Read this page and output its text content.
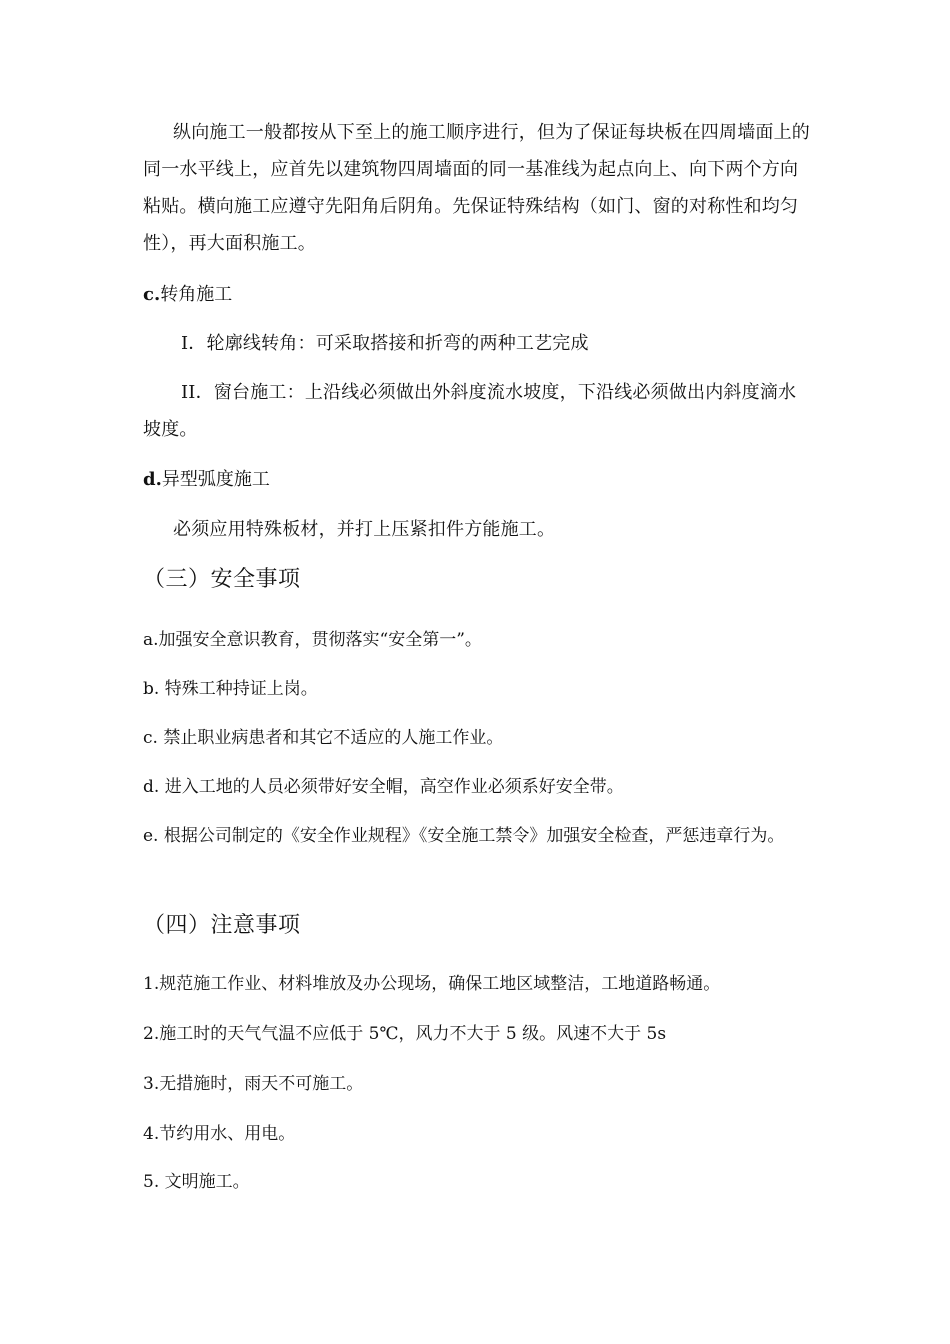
纵向施工一般都按从下至上的施工顺序进行，但为了保证每块板在四周墙面上的同一水平线上，应首先以建筑物四周墙面的同一基准线为起点向上、向下两个方向粘贴。横向施工应遵守先阳角后阴角。先保证特殊结构（如门、窗的对称性和均匀性），再大面积施工。

c.转角施工

I．轮廓线转角：可采取搭接和折弯的两种工艺完成

II．窗台施工：上沿线必须做出外斜度流水坡度，下沿线必须做出内斜度滴水坡度。

d.异型弧度施工

必须应用特殊板材，并打上压紧扣件方能施工。

（三）安全事项

a.加强安全意识教育，贯彻落实“安全第一”。

b. 特殊工种持证上岗。

c. 禁止职业病患者和其它不适应的人施工作业。

d. 进入工地的人员必须带好安全帽，高空作业必须系好安全带。

e. 根据公司制定的《安全作业规程》《安全施工禁令》加强安全检查，严惩违章行为。

（四）注意事项

1.规范施工作业、材料堆放及办公现场，确保工地区域整洁，工地道路畅通。

2.施工时的天气气温不应低于 5℃，风力不大于 5 级。风速不大于 5s

3.无措施时，雨天不可施工。

4.节约用水、用电。

5. 文明施工。
